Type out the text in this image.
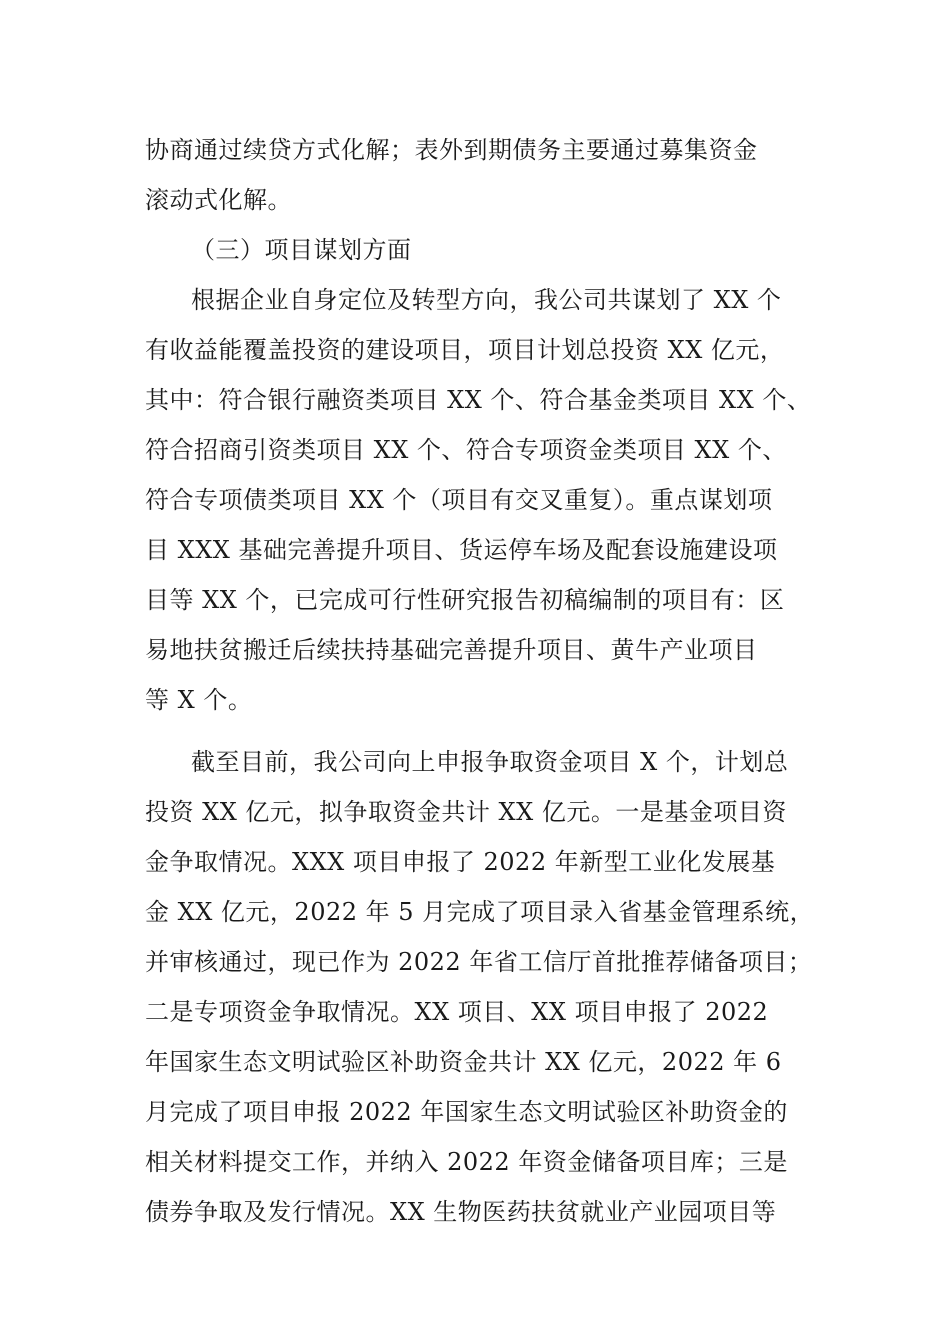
协商通过续贷方式化解；表外到期债务主要通过募集资金
滚动式化解。
（三）项目谋划方面
根据企业自身定位及转型方向，我公司共谋划了 XX 个
有收益能覆盖投资的建设项目，项目计划总投资 XX 亿元，
其中：符合银行融资类项目 XX 个、符合基金类项目 XX 个、
符合招商引资类项目 XX 个、符合专项资金类项目 XX 个、
符合专项债类项目 XX 个（项目有交叉重复）。重点谋划项
目 XXX 基础完善提升项目、货运停车场及配套设施建设项
目等 XX 个，已完成可行性研究报告初稿编制的项目有：区
易地扶贫搬迁后续扶持基础完善提升项目、黄牛产业项目
等 X 个。
截至目前，我公司向上申报争取资金项目 X 个，计划总
投资 XX 亿元，拟争取资金共计 XX 亿元。一是基金项目资
金争取情况。XXX 项目申报了 2022 年新型工业化发展基
金 XX 亿元，2022 年 5 月完成了项目录入省基金管理系统，
并审核通过，现已作为 2022 年省工信厅首批推荐储备项目；
二是专项资金争取情况。XX 项目、XX 项目申报了 2022
年国家生态文明试验区补助资金共计 XX 亿元，2022 年 6
月完成了项目申报 2022 年国家生态文明试验区补助资金的
相关材料提交工作，并纳入 2022 年资金储备项目库；三是
债券争取及发行情况。XX 生物医药扶贫就业产业园项目等
